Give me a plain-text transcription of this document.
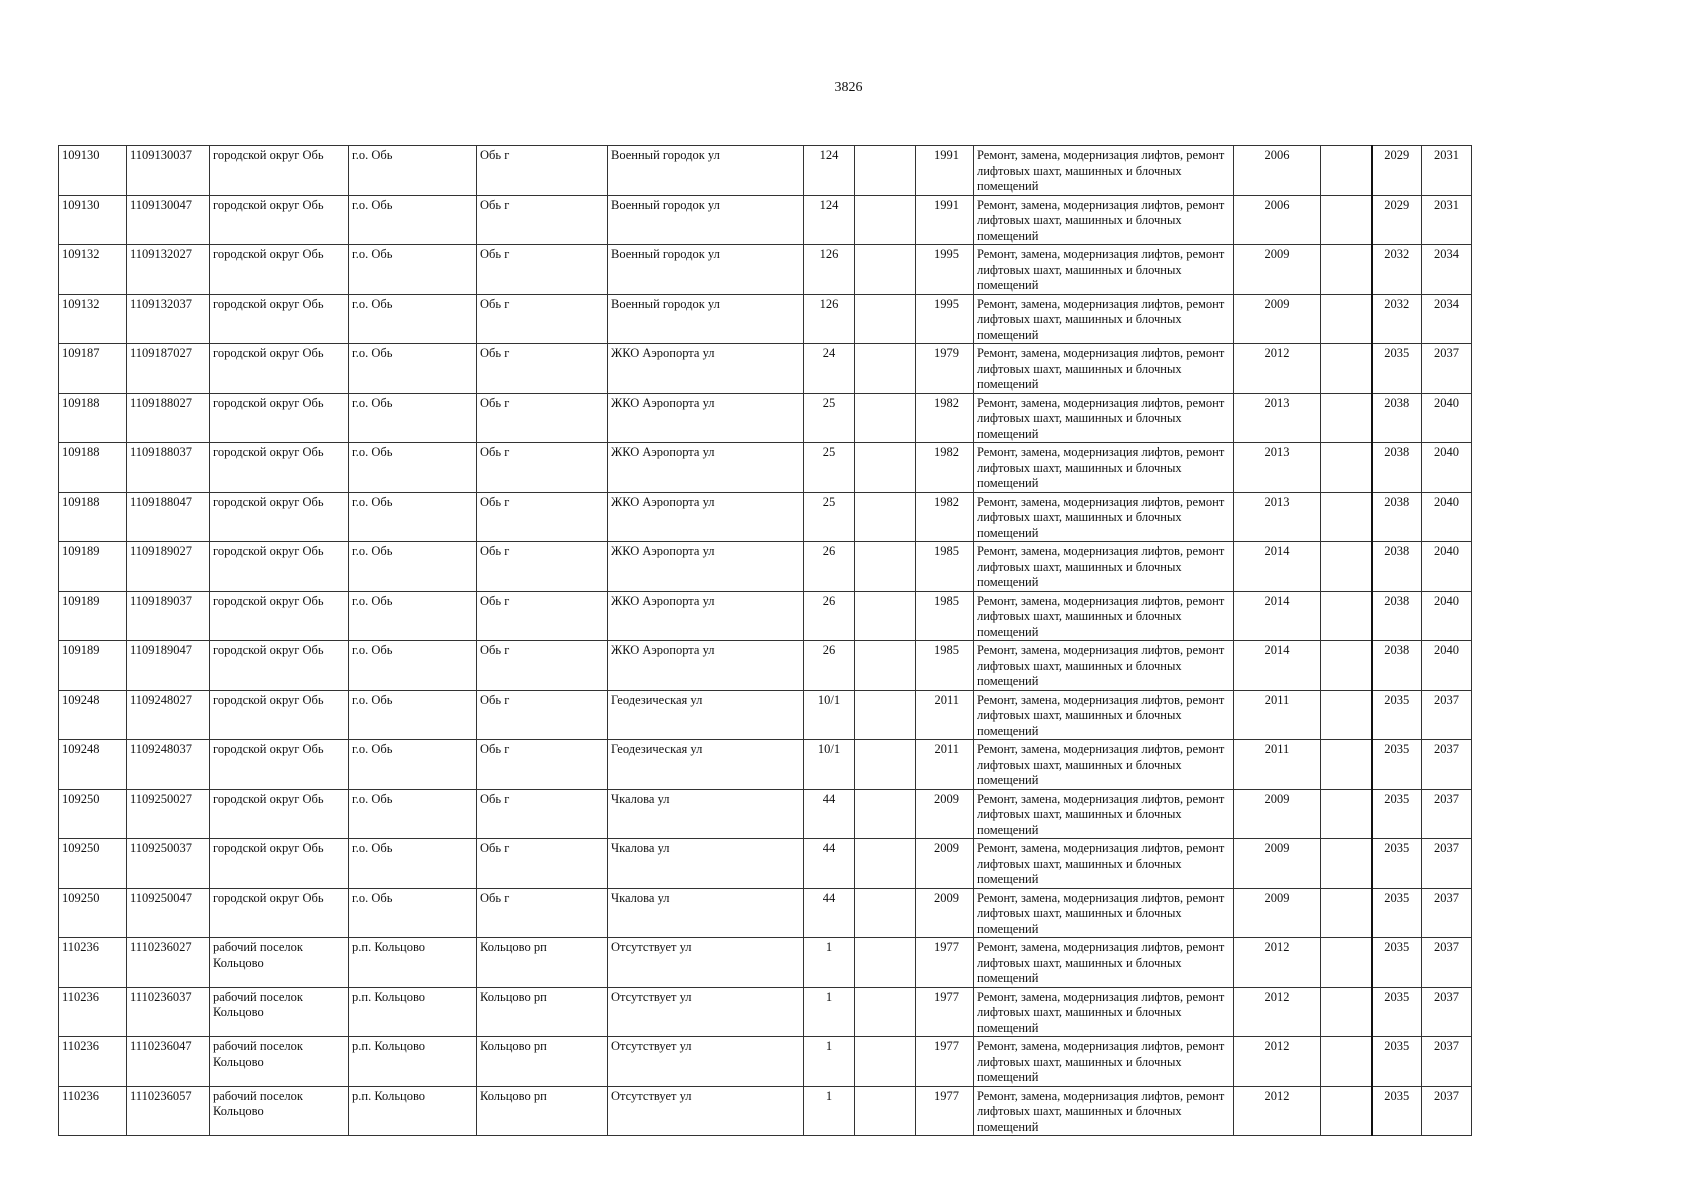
3826
109130	1109130037	городской округ Обь	г.о. Обь	Обь г	Военный городок ул	124		1991	Ремонт, замена, модернизация лифтов, ремонт лифтовых шахт, машинных и блочных помещений	2006		2029	2031
109130	1109130047	городской округ Обь	г.о. Обь	Обь г	Военный городок ул	124		1991	Ремонт, замена, модернизация лифтов, ремонт лифтовых шахт, машинных и блочных помещений	2006		2029	2031
109132	1109132027	городской округ Обь	г.о. Обь	Обь г	Военный городок ул	126		1995	Ремонт, замена, модернизация лифтов, ремонт лифтовых шахт, машинных и блочных помещений	2009		2032	2034
109132	1109132037	городской округ Обь	г.о. Обь	Обь г	Военный городок ул	126		1995	Ремонт, замена, модернизация лифтов, ремонт лифтовых шахт, машинных и блочных помещений	2009		2032	2034
109187	1109187027	городской округ Обь	г.о. Обь	Обь г	ЖКО Аэропорта ул	24		1979	Ремонт, замена, модернизация лифтов, ремонт лифтовых шахт, машинных и блочных помещений	2012		2035	2037
109188	1109188027	городской округ Обь	г.о. Обь	Обь г	ЖКО Аэропорта ул	25		1982	Ремонт, замена, модернизация лифтов, ремонт лифтовых шахт, машинных и блочных помещений	2013		2038	2040
109188	1109188037	городской округ Обь	г.о. Обь	Обь г	ЖКО Аэропорта ул	25		1982	Ремонт, замена, модернизация лифтов, ремонт лифтовых шахт, машинных и блочных помещений	2013		2038	2040
109188	1109188047	городской округ Обь	г.о. Обь	Обь г	ЖКО Аэропорта ул	25		1982	Ремонт, замена, модернизация лифтов, ремонт лифтовых шахт, машинных и блочных помещений	2013		2038	2040
109189	1109189027	городской округ Обь	г.о. Обь	Обь г	ЖКО Аэропорта ул	26		1985	Ремонт, замена, модернизация лифтов, ремонт лифтовых шахт, машинных и блочных помещений	2014		2038	2040
109189	1109189037	городской округ Обь	г.о. Обь	Обь г	ЖКО Аэропорта ул	26		1985	Ремонт, замена, модернизация лифтов, ремонт лифтовых шахт, машинных и блочных помещений	2014		2038	2040
109189	1109189047	городской округ Обь	г.о. Обь	Обь г	ЖКО Аэропорта ул	26		1985	Ремонт, замена, модернизация лифтов, ремонт лифтовых шахт, машинных и блочных помещений	2014		2038	2040
109248	1109248027	городской округ Обь	г.о. Обь	Обь г	Геодезическая ул	10/1		2011	Ремонт, замена, модернизация лифтов, ремонт лифтовых шахт, машинных и блочных помещений	2011		2035	2037
109248	1109248037	городской округ Обь	г.о. Обь	Обь г	Геодезическая ул	10/1		2011	Ремонт, замена, модернизация лифтов, ремонт лифтовых шахт, машинных и блочных помещений	2011		2035	2037
109250	1109250027	городской округ Обь	г.о. Обь	Обь г	Чкалова ул	44		2009	Ремонт, замена, модернизация лифтов, ремонт лифтовых шахт, машинных и блочных помещений	2009		2035	2037
109250	1109250037	городской округ Обь	г.о. Обь	Обь г	Чкалова ул	44		2009	Ремонт, замена, модернизация лифтов, ремонт лифтовых шахт, машинных и блочных помещений	2009		2035	2037
109250	1109250047	городской округ Обь	г.о. Обь	Обь г	Чкалова ул	44		2009	Ремонт, замена, модернизация лифтов, ремонт лифтовых шахт, машинных и блочных помещений	2009		2035	2037
110236	1110236027	рабочий поселок Кольцово	р.п. Кольцово	Кольцово рп	Отсутствует ул	1		1977	Ремонт, замена, модернизация лифтов, ремонт лифтовых шахт, машинных и блочных помещений	2012		2035	2037
110236	1110236037	рабочий поселок Кольцово	р.п. Кольцово	Кольцово рп	Отсутствует ул	1		1977	Ремонт, замена, модернизация лифтов, ремонт лифтовых шахт, машинных и блочных помещений	2012		2035	2037
110236	1110236047	рабочий поселок Кольцово	р.п. Кольцово	Кольцово рп	Отсутствует ул	1		1977	Ремонт, замена, модернизация лифтов, ремонт лифтовых шахт, машинных и блочных помещений	2012		2035	2037
110236	1110236057	рабочий поселок Кольцово	р.п. Кольцово	Кольцово рп	Отсутствует ул	1		1977	Ремонт, замена, модернизация лифтов, ремонт лифтовых шахт, машинных и блочных помещений	2012		2035	2037
